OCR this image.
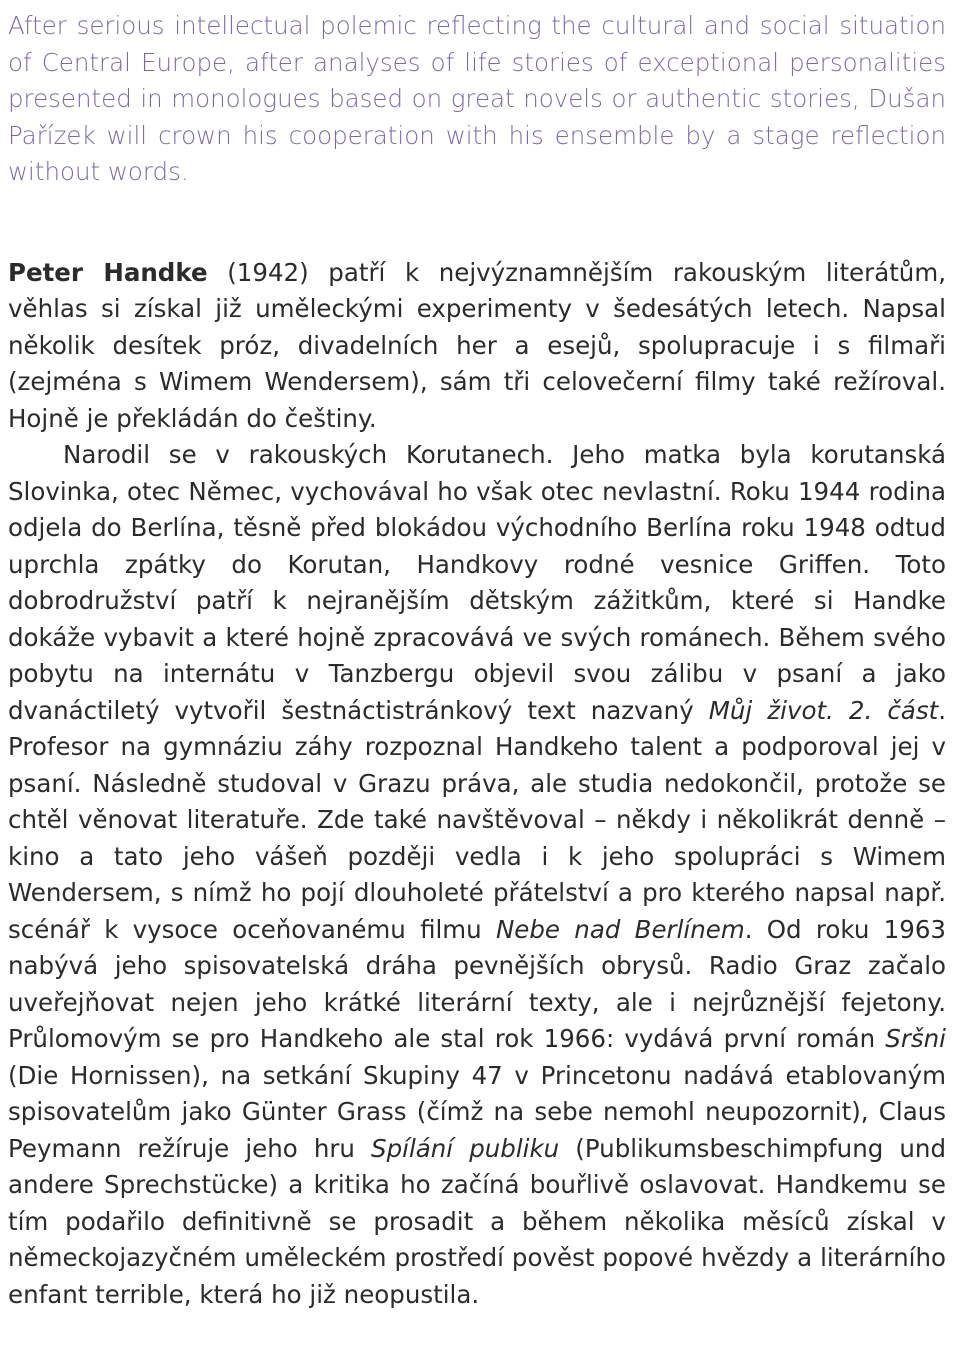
After serious intellectual polemic reflecting the cultural and social situation of Central Europe, after analyses of life stories of exceptional personalities presented in monologues based on great novels or authentic stories, Dušan Pařízek will crown his cooperation with his ensemble by a stage reflection without words.

Peter Handke (1942) patří k nejvýznamnějším rakouským literátům, věhlas si získal již uměleckými experimenty v šedesátých letech. Napsal několik desítek próz, divadelních her a esejů, spolupracuje i s filmaři (zejména s Wimem Wendersem), sám tři celovečerní filmy také režíroval. Hojně je překládán do češtiny.

Narodil se v rakouských Korutanech. Jeho matka byla korutanská Slovinka, otec Němec, vychovával ho však otec nevlastní. Roku 1944 rodina odjela do Berlína, těsně před blokádou východního Berlína roku 1948 odtud uprchla zpátky do Korutan, Handkovy rodné vesnice Griffen. Toto dobrodružství patří k nejranějším dětským zážitkům, které si Handke dokáže vybavit a které hojně zpracovává ve svých románech. Během svého pobytu na internátu v Tanzbergu objevil svou zálibu v psaní a jako dvanáctiletý vytvořil šestnáctistránkový text nazvaný Můj život. 2. část. Profesor na gymnáziu záhy rozpoznal Handkeho talent a podporoval jej v psaní. Následně studoval v Grazu práva, ale studia nedokončil, protože se chtěl věnovat literatuře. Zde také navštěvoval – někdy i několikrát denně – kino a tato jeho vášeň později vedla i k jeho spolupráci s Wimem Wendersem, s nímž ho pojí dlouholeté přátelství a pro kterého napsal např. scénář k vysoce oceňovanému filmu Nebe nad Berlínem. Od roku 1963 nabývá jeho spisovatelská dráha pevnějších obrysů. Radio Graz začalo uveřejňovat nejen jeho krátké literární texty, ale i nejrůznější fejetony. Průlomovým se pro Handkeho ale stal rok 1966: vydává první román Sršni (Die Hornissen), na setkání Skupiny 47 v Princetonu nadává etablovaným spisovatelům jako Günter Grass (čímž na sebe nemohl neupozornit), Claus Peymann režíruje jeho hru Spílání publiku (Publikumsbeschimpfung und andere Sprechstücke) a kritika ho začíná bouřlivě oslavovat. Handkemu se tím podařilo definitivně se prosadit a během několika měsíců získal v německojazyčném uměleckém prostředí pověst popové hvězdy a literárního enfant terrible, která ho již neopustila.
